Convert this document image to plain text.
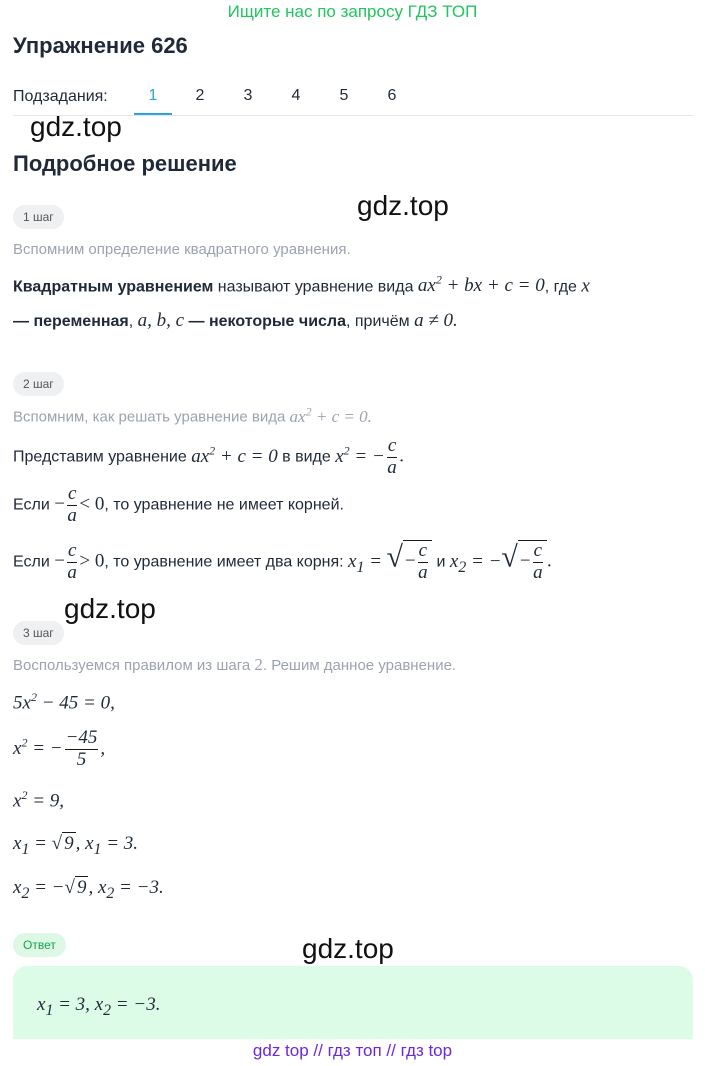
Ищите нас по запросу ГДЗ ТОП
Упражнение 626
Подзадания:	1	2	3	4	5	6
gdz.top
gdz.top
gdz.top
gdz.top
Подробное решение
1 шаг
Вспомним определение квадратного уравнения.
Квадратным уравнением называют уравнение вида $ax^2$ + bx + c = 0, где x
— переменная, a, b, c — некоторые числа, причём a ≠ 0.
2 шаг
Вспомним, как решать уравнение вида $ax^2 + c = 0$.
Представим уравнение $ax^2 + c = 0$ в виде $x^2$ = − $\frac{c}{a}$ .
Если − $\frac{c}{a} < 0$, то уравнение не имеет корней.
Если − $\frac{c}{a} > 0$, то уравнение имеет два корня: $x_1$ = √ − $\frac{c}{a}$ и $x_2$ = −√ − $\frac{c}{a}$ .
3 шаг
Воспользуемся правилом из шага 2. Решим данное уравнение.
$5x^2 - 45 = 0$,
$x^2$ = − $\frac{-45}{5}$ ,
$x^2 = 9$,
$x_1$ = √ 9 , $x_1 = 3$.
$x_2$ = −√ 9 , $x_2 = -3$.
Ответ
$x_1 = 3$, $x_2 = -3$.
gdz top // гдз топ // гдз top
